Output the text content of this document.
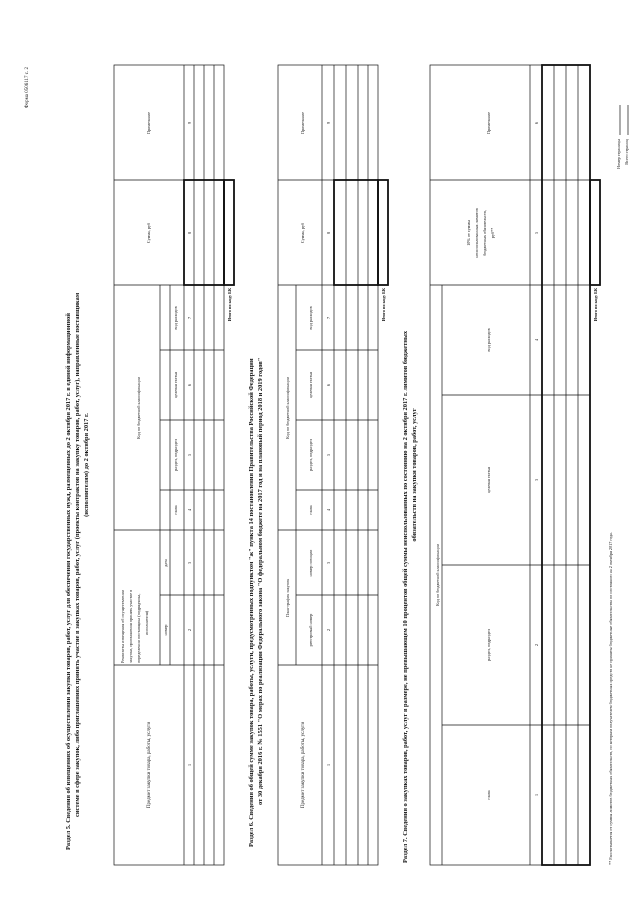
Форма 0506117 с. 2
Раздел 5. Сведения об извещениях об осуществлении закупки товаров, работ, услуг для обеспечения государственных нужд, размещенных до 2 октября 2017 г. в единой информационной системе в сфере закупок, либо приглашениях принять участие в закупках товаров, работ, услуг (проекты контрактов на закупку товаров, работ, услуг), направленные поставщикам (исполнителям) до 2 октября 2017 г.
Предмет закупки товара, работы, услуги
Реквизиты извещения об осуществлении закупки, приглашения принять участие в определении поставщика (подрядчика, исполнителя)	номер
дата
Код по бюджетной классификации
глава
раздел, подраздел
целевая статья
вид расходов
Сумма, руб
Примечание
1
2
3
4
5
6
7
8
9
Итого по коду БК
Раздел 6. Сведения об общей сумме закупок товара, работы, услуги, предусмотренных подпунктом "ж" пункта 14 постановления Правительства Российской Федерации от 30 декабря 2016 г. № 1551 "О мерах по реализации Федерального закона "О федеральном бюджете на 2017 год и на плановый период 2018 и 2019 годов"	Предмет закупки товара, работы, услуги
План-график закупок
реестровый номер
номер позиции
Код по бюджетной классификации
глава
раздел, подраздел
целевая статья
вид расходов
Сумма, руб
Примечание
1
2
3
4
5
6
7
8
9
Итого по коду БК
Раздел 7. Сведения о закупках товаров, работ, услуг в размере, не превышающем 10 процентов общей суммы неиспользованных по состоянию на 2 октября 2017 г. лимитов бюджетных обязательств на закупки товаров, работ, услуг
Код по бюджетной классификации
глава
раздел, подраздел
целевая статья
вид расходов
10% от суммы неиспользованных лимитов бюджетных обязательств, руб**
Примечание
1
2
3
4
5
6
Итого по коду БК
** Рассчитывается от суммы лимитов бюджетных обязательств, по которым получателем бюджетных средств не приняты бюджетные обязательства по состоянию на 2 октября 2017 года.
Номер страницы Всего страниц
